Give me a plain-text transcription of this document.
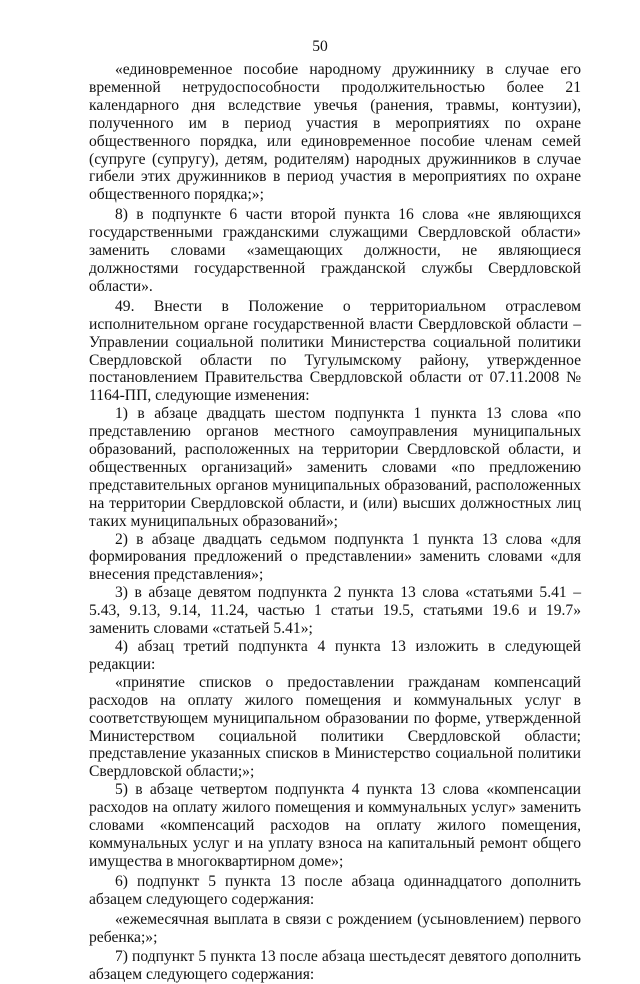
50

«единовременное пособие народному дружиннику в случае его временной нетрудоспособности продолжительностью более 21 календарного дня вследствие увечья (ранения, травмы, контузии), полученного им в период участия в мероприятиях по охране общественного порядка, или единовременное пособие членам семей (супруге (супругу), детям, родителям) народных дружинников в случае гибели этих дружинников в период участия в мероприятиях по охране общественного порядка;»;

8) в подпункте 6 части второй пункта 16 слова «не являющихся государственными гражданскими служащими Свердловской области» заменить словами «замещающих должности, не являющиеся должностями государственной гражданской службы Свердловской области».

49. Внести в Положение о территориальном отраслевом исполнительном органе государственной власти Свердловской области – Управлении социальной политики Министерства социальной политики Свердловской области по Тугулымскому району, утвержденное постановлением Правительства Свердловской области от 07.11.2008 № 1164-ПП, следующие изменения:

1) в абзаце двадцать шестом подпункта 1 пункта 13 слова «по представлению органов местного самоуправления муниципальных образований, расположенных на территории Свердловской области, и общественных организаций» заменить словами «по предложению представительных органов муниципальных образований, расположенных на территории Свердловской области, и (или) высших должностных лиц таких муниципальных образований»;

2) в абзаце двадцать седьмом подпункта 1 пункта 13 слова «для формирования предложений о представлении» заменить словами «для внесения представления»;

3) в абзаце девятом подпункта 2 пункта 13 слова «статьями 5.41 – 5.43, 9.13, 9.14, 11.24, частью 1 статьи 19.5, статьями 19.6 и 19.7» заменить словами «статьей 5.41»;

4) абзац третий подпункта 4 пункта 13 изложить в следующей редакции:

«принятие списков о предоставлении гражданам компенсаций расходов на оплату жилого помещения и коммунальных услуг в соответствующем муниципальном образовании по форме, утвержденной Министерством социальной политики Свердловской области; представление указанных списков в Министерство социальной политики Свердловской области;»;

5) в абзаце четвертом подпункта 4 пункта 13 слова «компенсации расходов на оплату жилого помещения и коммунальных услуг» заменить словами «компенсаций расходов на оплату жилого помещения, коммунальных услуг и на уплату взноса на капитальный ремонт общего имущества в многоквартирном доме»;

6) подпункт 5 пункта 13 после абзаца одиннадцатого дополнить абзацем следующего содержания:

«ежемесячная выплата в связи с рождением (усыновлением) первого ребенка;»;

7) подпункт 5 пункта 13 после абзаца шестьдесят девятого дополнить абзацем следующего содержания:
